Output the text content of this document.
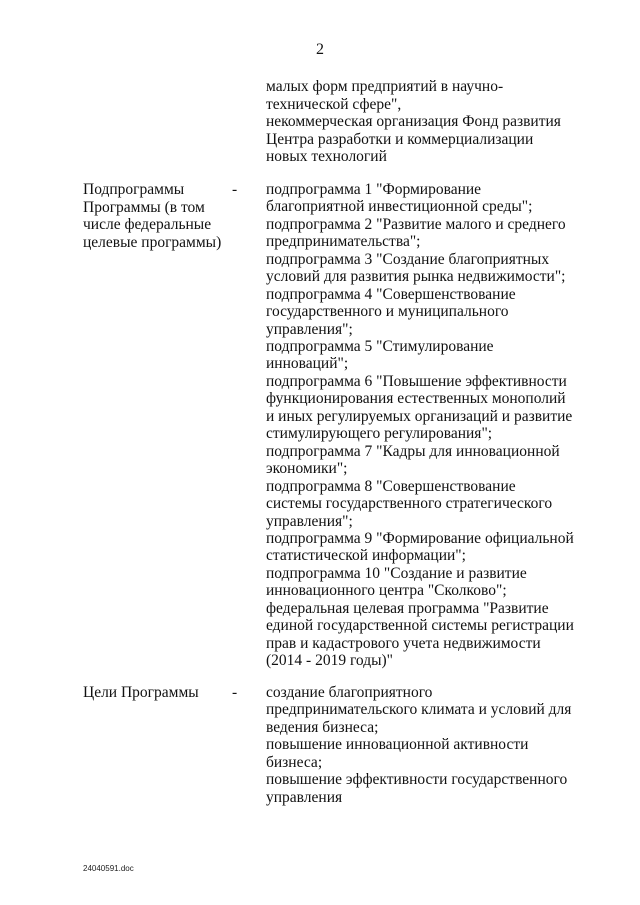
2
малых форм предприятий в научно-
технической сфере",
некоммерческая организация Фонд развития
Центра разработки и коммерциализации
новых технологий
Подпрограммы
Программы (в том
числе федеральные
целевые программы)
- подпрограмма 1 "Формирование
благоприятной инвестиционной среды";
подпрограмма 2 "Развитие малого и среднего
предпринимательства";
подпрограмма 3 "Создание благоприятных
условий для развития рынка недвижимости";
подпрограмма 4 "Совершенствование
государственного и муниципального
управления";
подпрограмма 5 "Стимулирование
инноваций";
подпрограмма 6 "Повышение эффективности
функционирования естественных монополий
и иных регулируемых организаций и развитие
стимулирующего регулирования";
подпрограмма 7 "Кадры для инновационной
экономики";
подпрограмма 8 "Совершенствование
системы государственного стратегического
управления";
подпрограмма 9 "Формирование официальной
статистической информации";
подпрограмма 10 "Создание и развитие
инновационного центра "Сколково";
федеральная целевая программа "Развитие
единой государственной системы регистрации
прав и кадастрового учета недвижимости
(2014 - 2019 годы)"
Цели Программы - создание благоприятного
предпринимательского климата и условий для
ведения бизнеса;
повышение инновационной активности
бизнеса;
повышение эффективности государственного
управления
24040591.doc
